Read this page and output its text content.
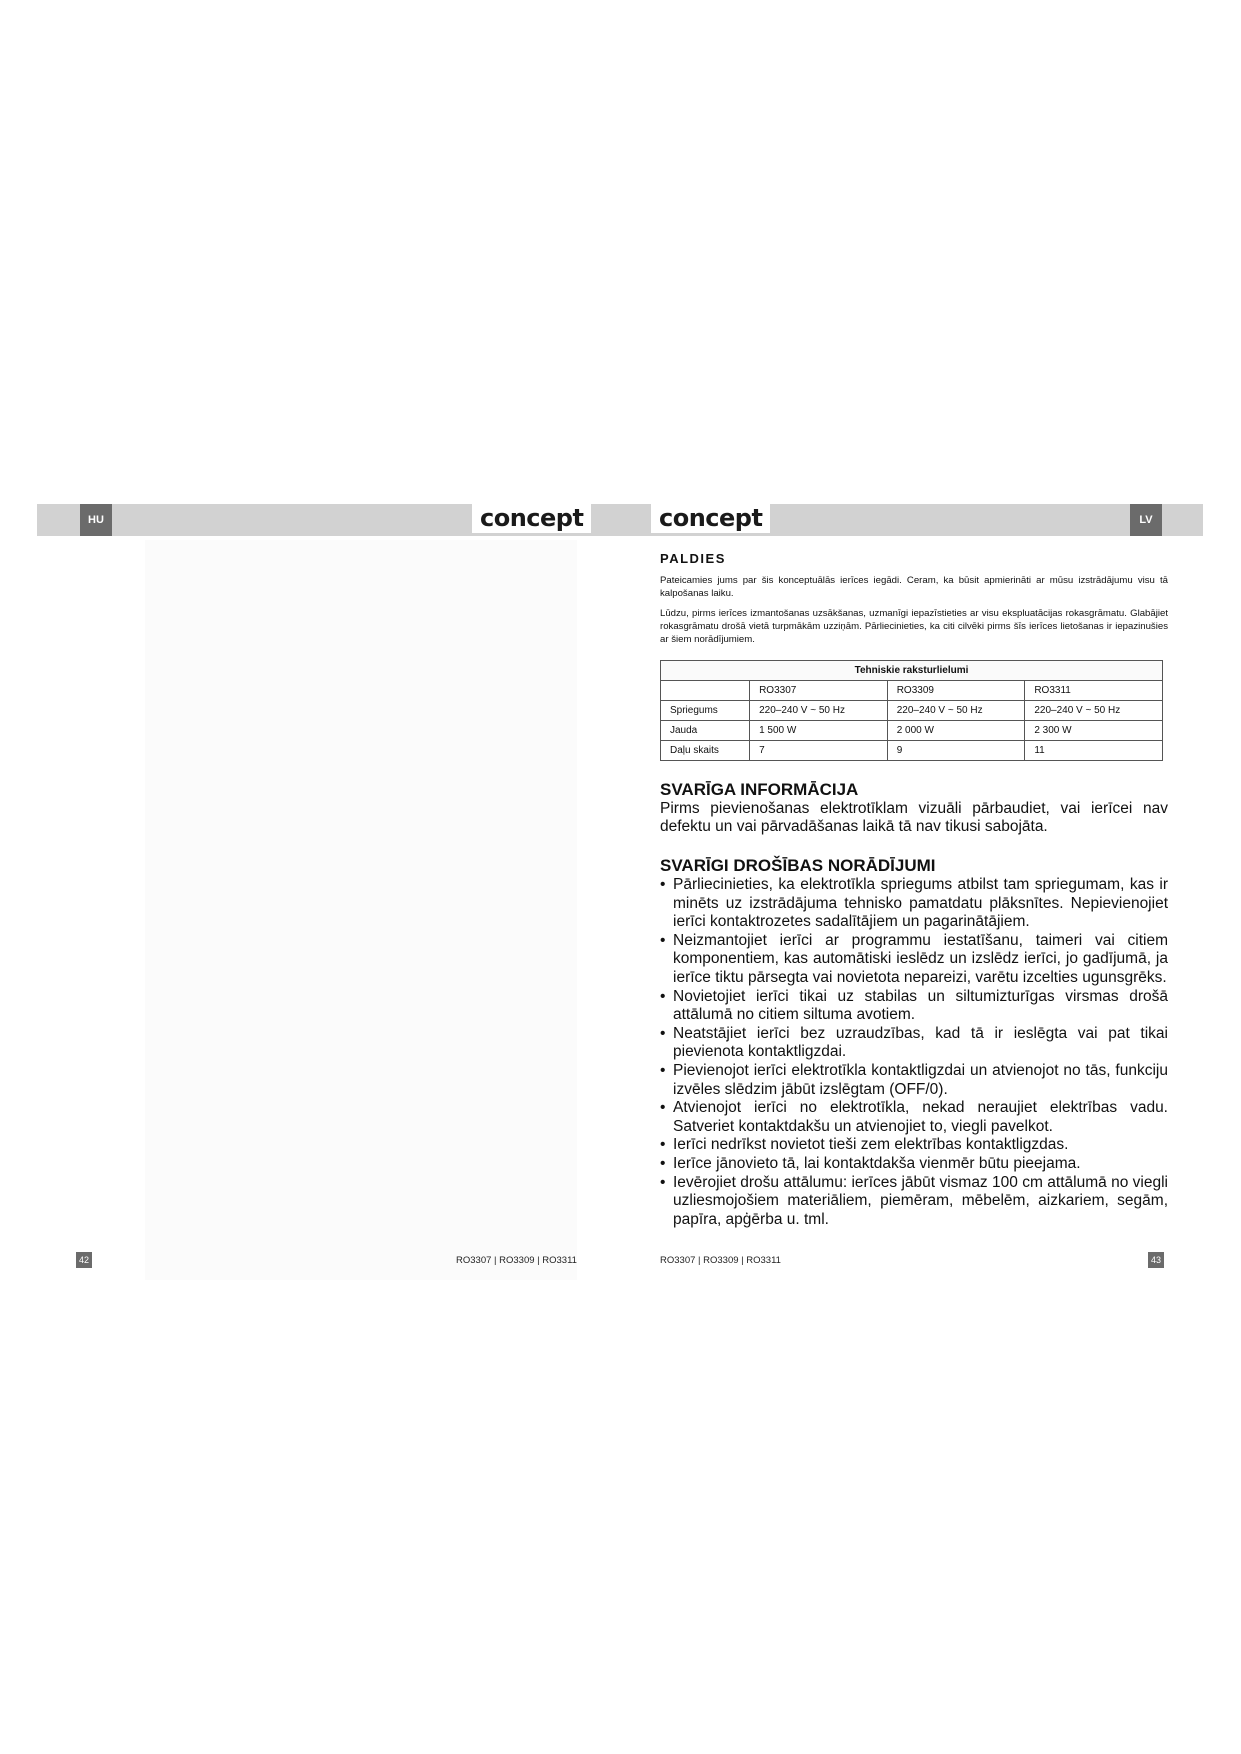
HU	LV
concept	concept
PALDIES

Pateicamies jums par šis konceptuālās ierīces iegādi. Ceram, ka būsit apmierināti ar mūsu izstrādājumu visu tā kalpošanas laiku.

Lūdzu, pirms ierīces izmantošanas uzsākšanas, uzmanīgi iepazīstieties ar visu ekspluatācijas rokasgrāmatu. Glabājiet rokasgrāmatu drošā vietā turpmākām uzziņām. Pārliecinieties, ka citi cilvēki pirms šīs ierīces lietošanas ir iepazinušies ar šiem norādījumiem.

Tehniskie raksturlielumi			
	RO3307	RO3309	RO3311
Spriegums	220–240 V ~ 50 Hz	220–240 V ~ 50 Hz	220–240 V ~ 50 Hz
Jauda	1 500 W	2 000 W	2 300 W
Daļu skaits	7	9	11
SVARĪGA INFORMĀCIJA

Pirms pievienošanas elektrotīklam vizuāli pārbaudiet, vai ierīcei nav defektu un vai pārvadāšanas laikā tā nav tikusi sabojāta.

SVARĪGI DROŠĪBAS NORĀDĪJUMI
• Pārliecinieties, ka elektrotīkla spriegums atbilst tam spriegumam, kas ir minēts uz izstrādājuma tehnisko pamatdatu plāksnītes. Nepievienojiet ierīci kontaktrozetes sadalītājiem un pagarinātājiem.
• Neizmantojiet ierīci ar programmu iestatīšanu, taimeri vai citiem komponentiem, kas automātiski ieslēdz un izslēdz ierīci, jo gadījumā, ja ierīce tiktu pārsegta vai novietota nepareizi, varētu izcelties ugunsgrēks.
• Novietojiet ierīci tikai uz stabilas un siltumizturīgas virsmas drošā attālumā no citiem siltuma avotiem.
• Neatstājiet ierīci bez uzraudzības, kad tā ir ieslēgta vai pat tikai pievienota kontaktligzdai.
• Pievienojot ierīci elektrotīkla kontaktligzdai un atvienojot no tās, funkciju izvēles slēdzim jābūt izslēgtam (OFF/0).
• Atvienojot ierīci no elektrotīkla, nekad neraujiet elektrības vadu. Satveriet kontaktdakšu un atvienojiet to, viegli pavelkot.
• Ierīci nedrīkst novietot tieši zem elektrības kontaktligzdas.
• Ierīce jānovieto tā, lai kontaktdakša vienmēr būtu pieejama.
• Ievērojiet drošu attālumu: ierīces jābūt vismaz 100 cm attālumā no viegli uzliesmojošiem materiāliem, piemēram, mēbelēm, aizkariem, segām, papīra, apģērba u. tml.
42	43
RO3307 | RO3309 | RO3311	RO3307 | RO3309 | RO3311
